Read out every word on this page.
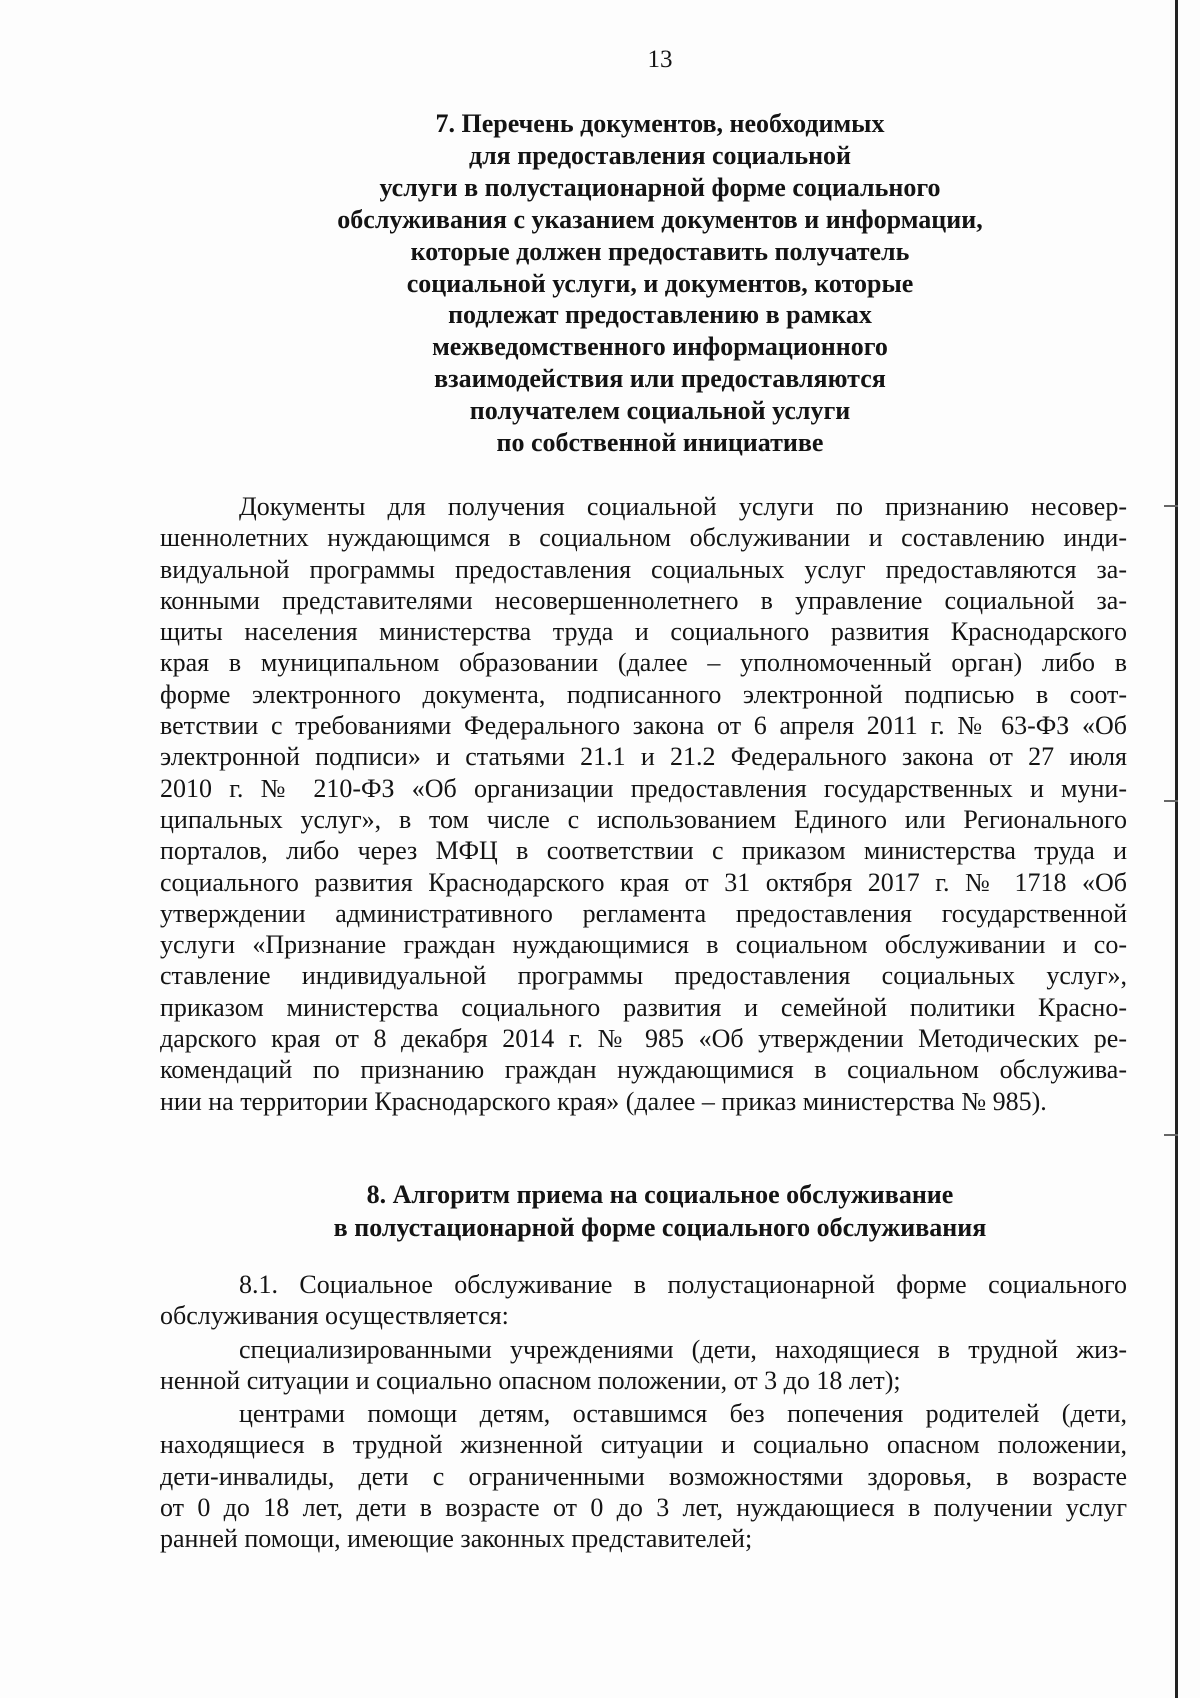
13
7. Перечень документов, необходимых
для предоставления социальной
услуги в полустационарной форме социального
обслуживания с указанием документов и информации,
которые должен предоставить получатель
социальной услуги, и документов, которые
подлежат предоставлению в рамках
межведомственного информационного
взаимодействия или предоставляются
получателем социальной услуги
по собственной инициативе
Документы для получения социальной услуги по признанию несовер-
шеннолетних нуждающимся в социальном обслуживании и составлению инди-
видуальной программы предоставления социальных услуг предоставляются за-
конными представителями несовершеннолетнего в управление социальной за-
щиты населения министерства труда и социального развития Краснодарского
края в муниципальном образовании (далее – уполномоченный орган) либо в
форме электронного документа, подписанного электронной подписью в соот-
ветствии с требованиями Федерального закона от 6 апреля 2011 г. № 63-ФЗ «Об
электронной подписи» и статьями 21.1 и 21.2 Федерального закона от 27 июля
2010 г. № 210-ФЗ «Об организации предоставления государственных и муни-
ципальных услуг», в том числе с использованием Единого или Регионального
порталов, либо через МФЦ в соответствии с приказом министерства труда и
социального развития Краснодарского края от 31 октября 2017 г. № 1718 «Об
утверждении административного регламента предоставления государственной
услуги «Признание граждан нуждающимися в социальном обслуживании и со-
ставление индивидуальной программы предоставления социальных услуг»,
приказом министерства социального развития и семейной политики Красно-
дарского края от 8 декабря 2014 г. № 985 «Об утверждении Методических ре-
комендаций по признанию граждан нуждающимися в социальном обслужива-
нии на территории Краснодарского края» (далее – приказ министерства № 985).
8. Алгоритм приема на социальное обслуживание
в полустационарной форме социального обслуживания
8.1. Социальное обслуживание в полустационарной форме социального
обслуживания осуществляется:
специализированными учреждениями (дети, находящиеся в трудной жиз-
ненной ситуации и социально опасном положении, от 3 до 18 лет);
центрами помощи детям, оставшимся без попечения родителей (дети,
находящиеся в трудной жизненной ситуации и социально опасном положении,
дети-инвалиды, дети с ограниченными возможностями здоровья, в возрасте
от 0 до 18 лет, дети в возрасте от 0 до 3 лет, нуждающиеся в получении услуг
ранней помощи, имеющие законных представителей;
